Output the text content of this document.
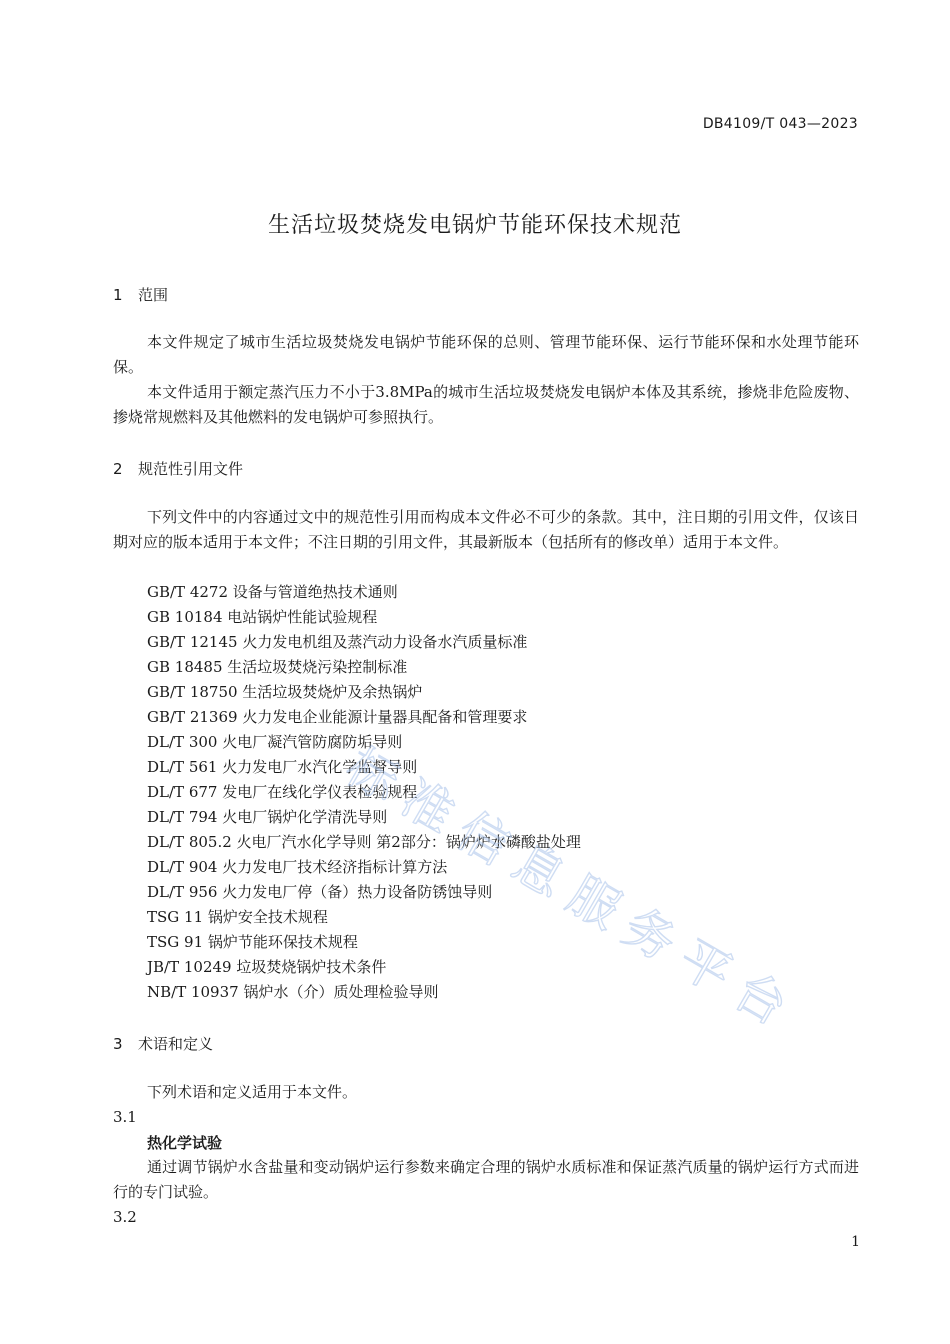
DB4109/T 043—2023
生活垃圾焚烧发电锅炉节能环保技术规范
1 范围
本文件规定了城市生活垃圾焚烧发电锅炉节能环保的总则、管理节能环保、运行节能环保和水处理节能环保。
本文件适用于额定蒸汽压力不小于3.8MPa的城市生活垃圾焚烧发电锅炉本体及其系统，掺烧非危险废物、掺烧常规燃料及其他燃料的发电锅炉可参照执行。
2 规范性引用文件
下列文件中的内容通过文中的规范性引用而构成本文件必不可少的条款。其中，注日期的引用文件，仅该日期对应的版本适用于本文件；不注日期的引用文件，其最新版本（包括所有的修改单）适用于本文件。
GB/T 4272 设备与管道绝热技术通则
GB 10184 电站锅炉性能试验规程
GB/T 12145 火力发电机组及蒸汽动力设备水汽质量标准
GB 18485 生活垃圾焚烧污染控制标准
GB/T 18750 生活垃圾焚烧炉及余热锅炉
GB/T 21369 火力发电企业能源计量器具配备和管理要求
DL/T 300 火电厂凝汽管防腐防垢导则
DL/T 561 火力发电厂水汽化学监督导则
DL/T 677 发电厂在线化学仪表检验规程
DL/T 794 火电厂锅炉化学清洗导则
DL/T 805.2 火电厂汽水化学导则 第2部分：锅炉炉水磷酸盐处理
DL/T 904 火力发电厂技术经济指标计算方法
DL/T 956 火力发电厂停（备）热力设备防锈蚀导则
TSG 11 锅炉安全技术规程
TSG 91 锅炉节能环保技术规程
JB/T 10249 垃圾焚烧锅炉技术条件
NB/T 10937 锅炉水（介）质处理检验导则
3 术语和定义
下列术语和定义适用于本文件。
3.1
热化学试验
通过调节锅炉水含盐量和变动锅炉运行参数来确定合理的锅炉水质标准和保证蒸汽质量的锅炉运行方式而进行的专门试验。
3.2
1
标
准
信
息
服
务
平
台
